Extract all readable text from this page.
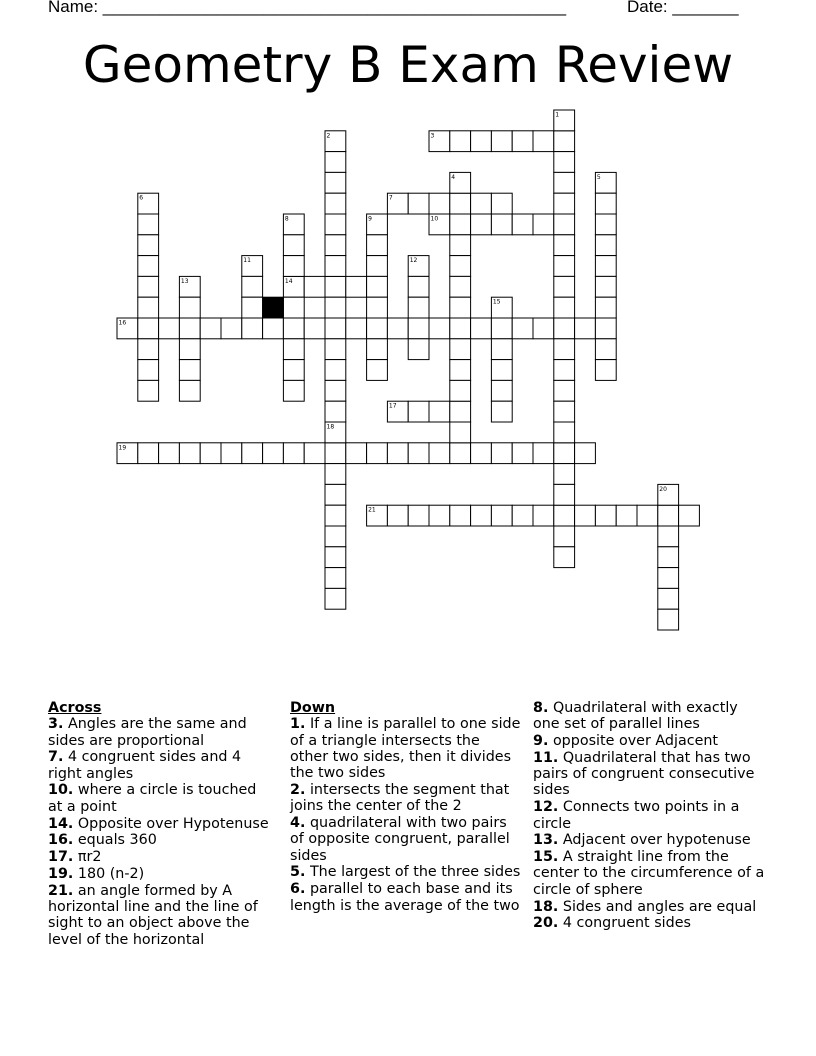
Name: _________________________________________________	Date: _______
Geometry B Exam Review
3
7
10
14
16
17
19
21
1
2
4	5
6
8	9
11	12
13
15
18
20

Across

3. Angles are the same and sides are proportional

7. 4 congruent sides and 4 right angles

10. where a circle is touched at a point

14. Opposite over Hypotenuse

16. equals 360

17. πr2

19. 180 (n-2)

21. an angle formed by A horizontal line and the line of sight to an object above the level of the horizontal

Down

1. If a line is parallel to one side of a triangle intersects the other two sides, then it divides the two sides

2. intersects the segment that joins the center of the 2

4. quadrilateral with two pairs of opposite congruent, parallel sides

5. The largest of the three sides

6. parallel to each base and its length is the average of the two

8. Quadrilateral with exactly one set of parallel lines

9. opposite over Adjacent

11. Quadrilateral that has two pairs of congruent consecutive sides

12. Connects two points in a circle

13. Adjacent over hypotenuse

15. A straight line from the center to the circumference of a circle of sphere

18. Sides and angles are equal

20. 4 congruent sides
